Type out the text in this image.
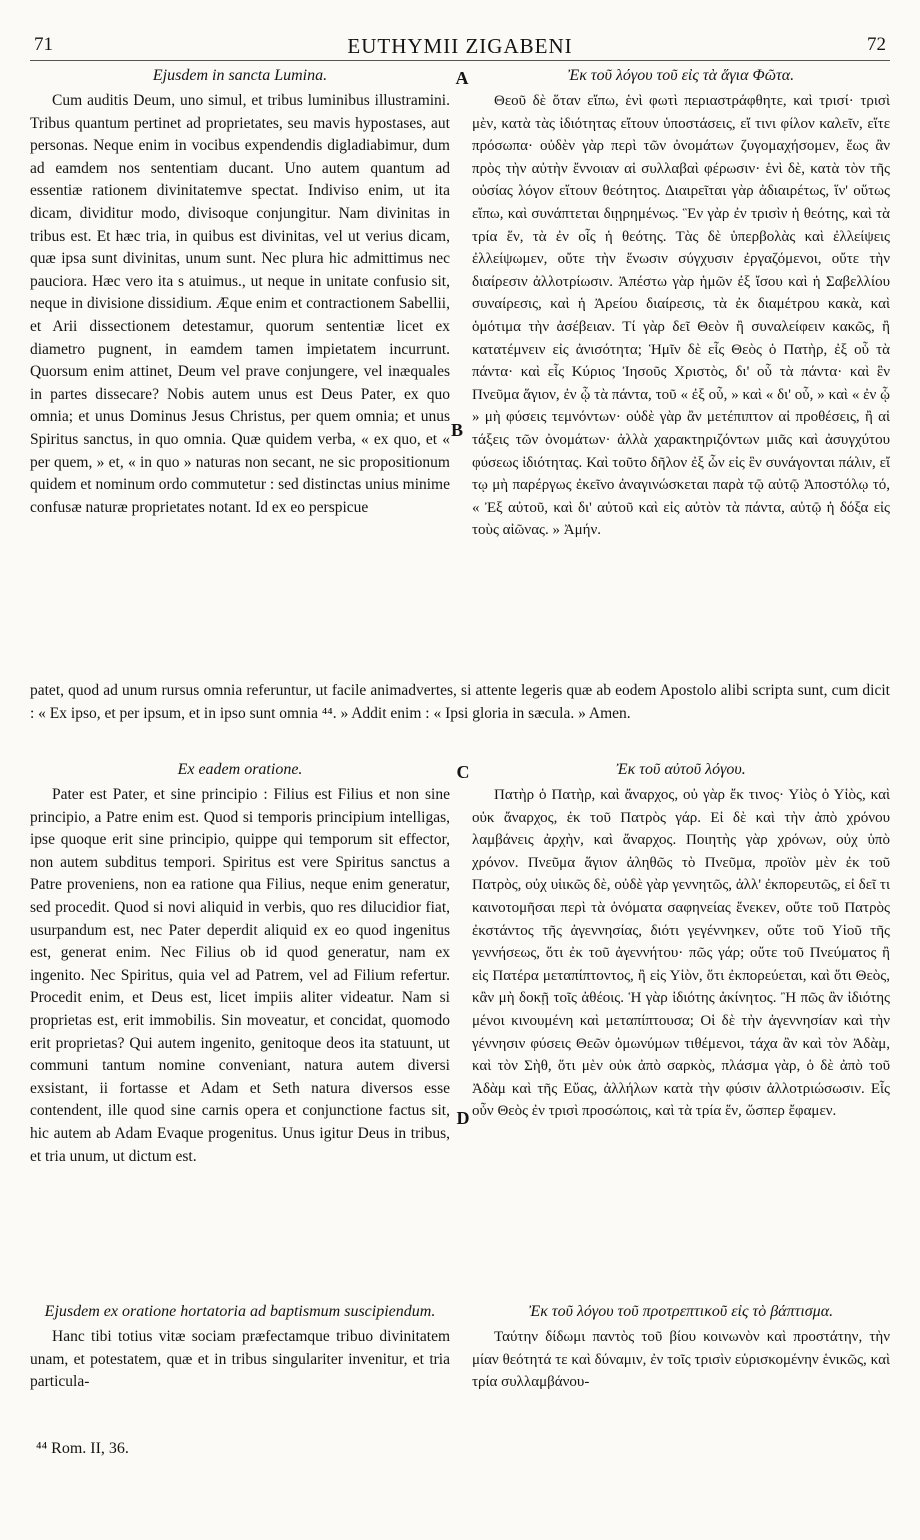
71	EUTHYMII ZIGABENI	72
Ejusdem in sancta Lumina.

Cum auditis Deum, uno simul, et tribus luminibus illustramini. Tribus quantum pertinet ad proprietates, seu mavis hypostases, aut personas. Neque enim in vocibus expendendis digladiabimur, dum ad eamdem nos sententiam ducant. Uno autem quantum ad essentiæ rationem divinitatemve spectat. Indiviso enim, ut ita dicam, dividitur modo, divisoque conjungitur. Nam divinitas in tribus est. Et hæc tria, in quibus est divinitas, vel ut verius dicam, quæ ipsa sunt divinitas, unum sunt. Nec plura hic admittimus nec pauciora. Hæc vero ita s atuimus., ut neque in unitate confusio sit, neque in divisione dissidium. Æque enim et contractionem Sabellii, et Arii dissectionem detestamur, quorum sententiæ licet ex diametro pugnent, in eamdem tamen impietatem incurrunt. Quorsum enim attinet, Deum vel prave conjungere, vel inæquales in partes dissecare? Nobis autem unus est Deus Pater, ex quo omnia; et unus Dominus Jesus Christus, per quem omnia; et unus Spiritus sanctus, in quo omnia. Quæ quidem verba, « ex quo, et « per quem, » et, « in quo » naturas non secant, ne sic propositionum quidem et nominum ordo commutetur : sed distinctas unius minime confusæ naturæ proprietates notant. Id ex eo perspicue

Ἐκ τοῦ λόγου τοῦ εἰς τὰ ἅγια Φῶτα.

Θεοῦ δὲ ὅταν εἴπω, ἑνὶ φωτὶ περιαστράφθητε, καὶ τρισί· τρισὶ μὲν, κατὰ τὰς ἰδιότητας εἴτουν ὑποστάσεις, εἴ τινι φίλον καλεῖν, εἴτε πρόσωπα· οὐδὲν γὰρ περὶ τῶν ὀνομάτων ζυγομαχήσομεν, ἕως ἂν πρὸς τὴν αὐτὴν ἔννοιαν αἱ συλλαβαὶ φέρωσιν· ἑνὶ δὲ, κατὰ τὸν τῆς οὐσίας λόγον εἴτουν θεότητος. Διαιρεῖται γὰρ ἀδιαιρέτως, ἵν' οὕτως εἴπω, καὶ συνάπτεται διῃρημένως. Ἓν γὰρ ἐν τρισὶν ἡ θεότης, καὶ τὰ τρία ἕν, τὰ ἐν οἷς ἡ θεότης. Τὰς δὲ ὑπερβολὰς καὶ ἐλλείψεις ἐλλείψωμεν, οὔτε τὴν ἕνωσιν σύγχυσιν ἐργαζόμενοι, οὔτε τὴν διαίρεσιν ἀλλοτρίωσιν. Ἀπέστω γὰρ ἡμῶν ἐξ ἴσου καὶ ἡ Σαβελλίου συναίρεσις, καὶ ἡ Ἀρείου διαίρεσις, τὰ ἐκ διαμέτρου κακὰ, καὶ ὁμότιμα τὴν ἀσέβειαν. Τί γὰρ δεῖ Θεὸν ἢ συναλείφειν κακῶς, ἢ κατατέμνειν εἰς ἀνισότητα; Ἡμῖν δὲ εἷς Θεὸς ὁ Πατὴρ, ἐξ οὗ τὰ πάντα· καὶ εἷς Κύριος Ἰησοῦς Χριστὸς, δι' οὗ τὰ πάντα· καὶ ἓν Πνεῦμα ἅγιον, ἐν ᾧ τὰ πάντα, τοῦ « ἐξ οὗ, » καὶ « δι' οὗ, » καὶ « ἐν ᾧ » μὴ φύσεις τεμνόντων· οὐδὲ γὰρ ἂν μετέπιπτον αἱ προθέσεις, ἢ αἱ τάξεις τῶν ὀνομάτων· ἀλλὰ χαρακτηριζόντων μιᾶς καὶ ἀσυγχύτου φύσεως ἰδιότητας. Καὶ τοῦτο δῆλον ἐξ ὧν εἰς ἓν συνάγονται πάλιν, εἴ τῳ μὴ παρέργως ἐκεῖνο ἀναγινώσκεται παρὰ τῷ αὐτῷ Ἀποστόλῳ τό, « Ἐξ αὐτοῦ, καὶ δι' αὐτοῦ καὶ εἰς αὐτὸν τὰ πάντα, αὐτῷ ἡ δόξα εἰς τοὺς αἰῶνας. » Ἀμήν.

patet, quod ad unum rursus omnia referuntur, ut facile animadvertes, si attente legeris quæ ab eodem Apostolo alibi scripta sunt, cum dicit : « Ex ipso, et per ipsum, et in ipso sunt omnia ⁴⁴. » Addit enim : « Ipsi gloria in sæcula. » Amen.
Ex eadem oratione.

Pater est Pater, et sine principio : Filius est Filius et non sine principio, a Patre enim est. Quod si temporis principium intelligas, ipse quoque erit sine principio, quippe qui temporum sit effector, non autem subditus tempori. Spiritus est vere Spiritus sanctus a Patre proveniens, non ea ratione qua Filius, neque enim generatur, sed procedit. Quod si novi aliquid in verbis, quo res dilucidior fiat, usurpandum est, nec Pater deperdit aliquid ex eo quod ingenitus est, generat enim. Nec Filius ob id quod generatur, nam ex ingenito. Nec Spiritus, quia vel ad Patrem, vel ad Filium refertur. Procedit enim, et Deus est, licet impiis aliter videatur. Nam si proprietas est, erit immobilis. Sin moveatur, et concidat, quomodo erit proprietas? Qui autem ingenito, genitoque deos ita statuunt, ut communi tantum nomine conveniant, natura autem diversi exsistant, ii fortasse et Adam et Seth natura diversos esse contendent, ille quod sine carnis opera et conjunctione factus sit, hic autem ab Adam Evaque progenitus. Unus igitur Deus in tribus, et tria unum, ut dictum est.

Ἐκ τοῦ αὐτοῦ λόγου.

Πατὴρ ὁ Πατὴρ, καὶ ἄναρχος, οὐ γὰρ ἔκ τινος· Υἱὸς ὁ Υἱὸς, καὶ οὐκ ἄναρχος, ἐκ τοῦ Πατρὸς γάρ. Εἰ δὲ καὶ τὴν ἀπὸ χρόνου λαμβάνεις ἀρχὴν, καὶ ἄναρχος. Ποιητὴς γὰρ χρόνων, οὐχ ὑπὸ χρόνον. Πνεῦμα ἅγιον ἀληθῶς τὸ Πνεῦμα, προϊὸν μὲν ἐκ τοῦ Πατρὸς, οὐχ υἱικῶς δὲ, οὐδὲ γὰρ γεννητῶς, ἀλλ' ἐκπορευτῶς, εἰ δεῖ τι καινοτομῆσαι περὶ τὰ ὀνόματα σαφηνείας ἕνεκεν, οὔτε τοῦ Πατρὸς ἐκστάντος τῆς ἀγεννησίας, διότι γεγέννηκεν, οὔτε τοῦ Υἱοῦ τῆς γεννήσεως, ὅτι ἐκ τοῦ ἀγεννήτου· πῶς γάρ; οὔτε τοῦ Πνεύματος ἢ εἰς Πατέρα μεταπίπτοντος, ἢ εἰς Υἱὸν, ὅτι ἐκπορεύεται, καὶ ὅτι Θεὸς, κἂν μὴ δοκῇ τοῖς ἀθέοις. Ἡ γὰρ ἰδιότης ἀκίνητος. Ἢ πῶς ἂν ἰδιότης μένοι κινουμένη καὶ μεταπίπτουσα; Οἱ δὲ τὴν ἀγεννησίαν καὶ τὴν γέννησιν φύσεις Θεῶν ὁμωνύμων τιθέμενοι, τάχα ἂν καὶ τὸν Ἀδὰμ, καὶ τὸν Σὴθ, ὅτι μὲν οὐκ ἀπὸ σαρκὸς, πλάσμα γὰρ, ὁ δὲ ἀπὸ τοῦ Ἀδὰμ καὶ τῆς Εὔας, ἀλλήλων κατὰ τὴν φύσιν ἀλλοτριώσωσιν. Εἷς οὖν Θεὸς ἐν τρισὶ προσώποις, καὶ τὰ τρία ἕν, ὥσπερ ἔφαμεν.

Ejusdem ex oratione hortatoria ad baptismum suscipiendum.

Hanc tibi totius vitæ sociam præfectamque tribuo divinitatem unam, et potestatem, quæ et in tribus singulariter invenitur, et tria particula-

Ἐκ τοῦ λόγου τοῦ προτρεπτικοῦ εἰς τὸ βάπτισμα.

Ταύτην δίδωμι παντὸς τοῦ βίου κοινωνὸν καὶ προστάτην, τὴν μίαν θεότητά τε καὶ δύναμιν, ἐν τοῖς τρισὶν εὑρισκομένην ἑνικῶς, καὶ τρία συλλαμβάνου-

A
B
C
D
⁴⁴ Rom. II, 36.
